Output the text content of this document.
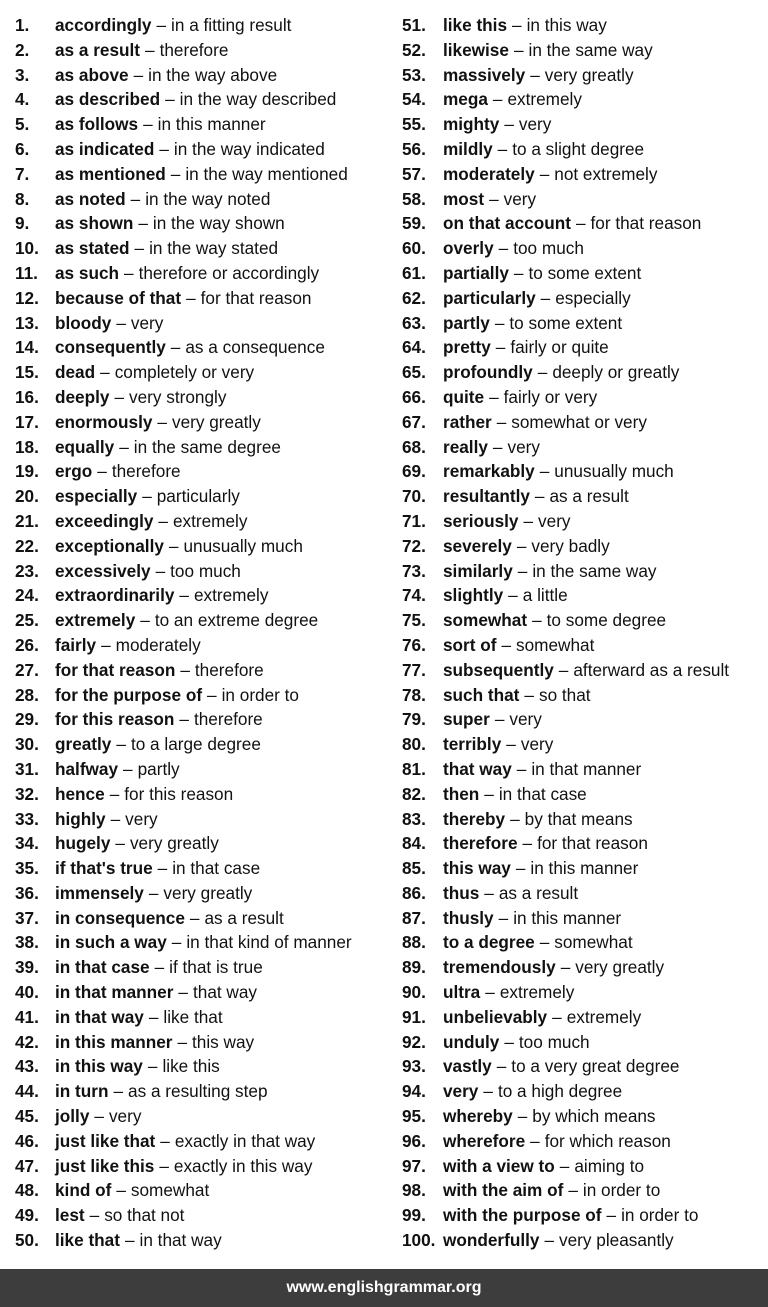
1.	accordingly – in a fitting result
2.	as a result – therefore
3.	as above – in the way above
4.	as described – in the way described
5.	as follows – in this manner
6.	as indicated – in the way indicated
7.	as mentioned – in the way mentioned
8.	as noted – in the way noted
9.	as shown – in the way shown
10. as stated – in the way stated
11. as such – therefore or accordingly
12. because of that – for that reason
13. bloody – very
14. consequently – as a consequence
15. dead – completely or very
16. deeply – very strongly
17. enormously – very greatly
18. equally – in the same degree
19. ergo – therefore
20. especially – particularly
21. exceedingly – extremely
22. exceptionally – unusually much
23. excessively – too much
24. extraordinarily – extremely
25. extremely – to an extreme degree
26. fairly – moderately
27. for that reason – therefore
28. for the purpose of – in order to
29. for this reason – therefore
30. greatly – to a large degree
31. halfway – partly
32. hence – for this reason
33. highly – very
34. hugely – very greatly
35. if that's true – in that case
36. immensely – very greatly
37. in consequence – as a result
38. in such a way – in that kind of manner
39. in that case – if that is true
40. in that manner – that way
41. in that way – like that
42. in this manner – this way
43. in this way – like this
44. in turn – as a resulting step
45. jolly – very
46. just like that – exactly in that way
47. just like this – exactly in this way
48. kind of – somewhat
49. lest – so that not
50. like that – in that way
51. like this – in this way
52. likewise – in the same way
53. massively – very greatly
54. mega – extremely
55. mighty – very
56. mildly – to a slight degree
57. moderately – not extremely
58. most – very
59. on that account – for that reason
60. overly – too much
61. partially – to some extent
62. particularly – especially
63. partly – to some extent
64. pretty – fairly or quite
65. profoundly – deeply or greatly
66. quite – fairly or very
67. rather – somewhat or very
68. really – very
69. remarkably – unusually much
70. resultantly – as a result
71. seriously – very
72. severely – very badly
73. similarly – in the same way
74. slightly – a little
75. somewhat – to some degree
76. sort of – somewhat
77. subsequently – afterward as a result
78. such that – so that
79. super – very
80. terribly – very
81. that way – in that manner
82. then – in that case
83. thereby – by that means
84. therefore – for that reason
85. this way – in this manner
86. thus – as a result
87. thusly – in this manner
88. to a degree – somewhat
89. tremendously – very greatly
90. ultra – extremely
91. unbelievably – extremely
92. unduly – too much
93. vastly – to a very great degree
94. very – to a high degree
95. whereby – by which means
96. wherefore – for which reason
97. with a view to – aiming to
98. with the aim of – in order to
99. with the purpose of – in order to
100. wonderfully – very pleasantly
www.englishgrammar.org
